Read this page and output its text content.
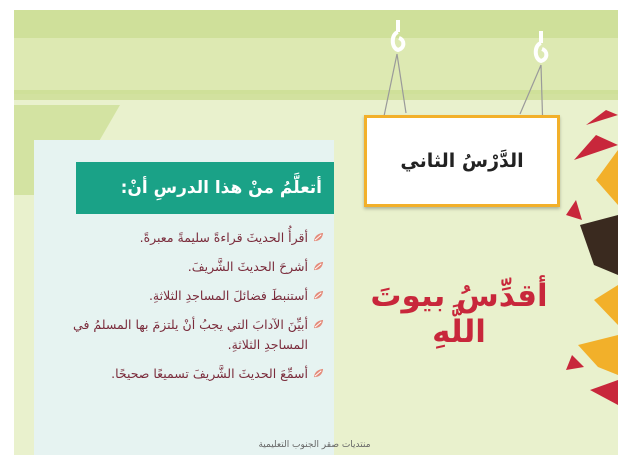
الدَّرْسُ الثاني
أقدِّسُ بيوتَ اللَّهِ
أتعلَّمُ منْ هذا الدرسِ أنْ:
أقرأُ الحديثَ قراءةً سليمةً معبرةً.
أشرحَ الحديثَ الشَّريفَ.
أستنبطَ فضائلَ المساجدِ الثلاثةِ.
أبيِّنَ الآدابَ التي يجبُ أنْ يلتزمَ بها المسلمُ في المساجدِ الثلاثةِ.
أسمِّعَ الحديثَ الشَّريفَ تسميعًا صحيحًا.
منتديات صقر الجنوب التعليمية
